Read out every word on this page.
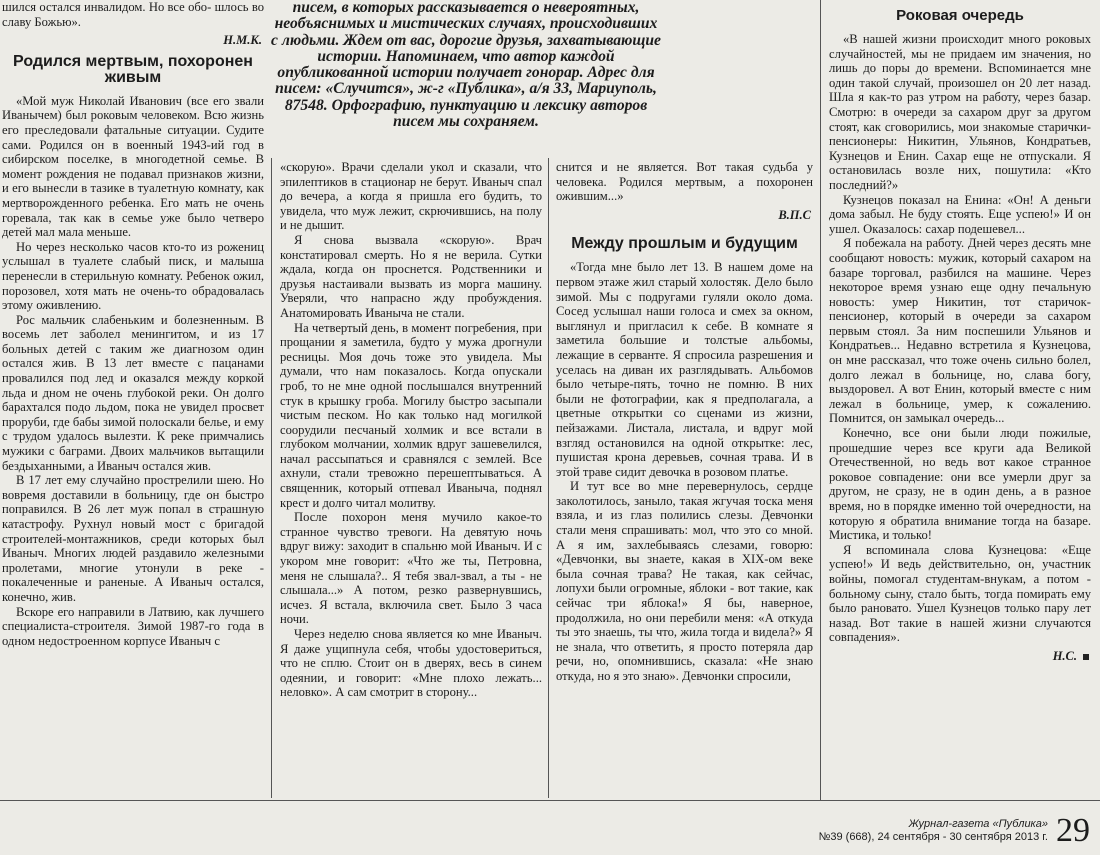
шился остался инвалидом. Но все обо- шлось во славу Божью».

Н.М.К.
Родился мертвым, похоронен живым

«Мой муж Николай Иванович (все его звали Иванычем) был роковым человеком. Всю жизнь его преследовали фатальные ситуации. Судите сами. Родился он в военный 1943-ий год в сибирском поселке, в многодетной семье. В момент рождения не подавал признаков жизни, и его вынесли в тазике в туалетную комнату, как мертворожденного ребенка. Его мать не очень горевала, так как в семье уже было четверо детей мал мала меньше.

Но через несколько часов кто-то из рожениц услышал в туалете слабый писк, и малыша перенесли в стерильную комнату. Ребенок ожил, порозовел, хотя мать не очень-то обрадовалась этому оживлению.

Рос мальчик слабеньким и болезненным. В восемь лет заболел менингитом, и из 17 больных детей с таким же диагнозом один остался жив. В 13 лет вместе с пацанами провалился под лед и оказался между коркой льда и дном не очень глубокой реки. Он долго барахтался подо льдом, пока не увидел просвет проруби, где бабы зимой полоскали белье, и ему с трудом удалось вылезти. К реке примчались мужики с баграми. Двоих мальчиков вытащили бездыханными, а Иваныч остался жив.

В 17 лет ему случайно прострелили шею. Но вовремя доставили в больницу, где он быстро поправился. В 26 лет муж попал в страшную катастрофу. Рухнул новый мост с бригадой строителей-монтажников, среди которых был Иваныч. Многих людей раздавило железными пролетами, многие утонули в реке - покалеченные и раненые. А Иваныч остался, конечно, жив.

Вскоре его направили в Латвию, как лучшего специалиста-строителя. Зимой 1987-го года в одном недостроенном корпусе Иваныч с

писем, в которых рассказывается о невероятных, необъяснимых и мистических случаях, происходивших с людьми. Ждем от вас, дорогие друзья, захватывающие истории. Напоминаем, что автор каждой опубликованной истории получает гонорар. Адрес для писем: «Случится», ж-г «Публика», а/я 33, Мариуполь, 87548. Орфографию, пунктуацию и лексику авторов писем мы сохраняем.

«скорую». Врачи сделали укол и сказали, что эпилептиков в стационар не берут. Иваныч спал до вечера, а когда я пришла его будить, то увидела, что муж лежит, скрючившись, на полу и не дышит.

Я снова вызвала «скорую». Врач констатировал смерть. Но я не верила. Сутки ждала, когда он проснется. Родственники и друзья настаивали вызвать из морга машину. Уверяли, что напрасно жду пробуждения. Анатомировать Иваныча не стали.

На четвертый день, в момент погребения, при прощании я заметила, будто у мужа дрогнули ресницы. Моя дочь тоже это увидела. Мы думали, что нам показалось. Когда опускали гроб, то не мне одной послышался внутренний стук в крышку гроба. Могилу быстро засыпали чистым песком. Но как только над могилкой соорудили песчаный холмик и все встали в глубоком молчании, холмик вдруг зашевелился, начал рассыпаться и сравнялся с землей. Все ахнули, стали тревожно перешептываться. А священник, который отпевал Иваныча, поднял крест и долго читал молитву.

После похорон меня мучило какое-то странное чувство тревоги. На девятую ночь вдруг вижу: заходит в спальню мой Иваныч. И с укором мне говорит: «Что же ты, Петровна, меня не слышала?.. Я тебя звал-звал, а ты - не слышала...» А потом, резко развернувшись, исчез. Я встала, включила свет. Было 3 часа ночи.

Через неделю снова является ко мне Иваныч. Я даже ущипнула себя, чтобы удостовериться, что не сплю. Стоит он в дверях, весь в синем одеянии, и говорит: «Мне плохо лежать... неловко». А сам смотрит в сторону...

снится и не является. Вот такая судьба у человека. Родился мертвым, а похоронен ожившим...»

В.П.С
Между прошлым и будущим

«Тогда мне было лет 13. В нашем доме на первом этаже жил старый холостяк. Дело было зимой. Мы с подругами гуляли около дома. Сосед услышал наши голоса и смех за окном, выглянул и пригласил к себе. В комнате я заметила большие и толстые альбомы, лежащие в серванте. Я спросила разрешения и уселась на диван их разглядывать. Альбомов было четыре-пять, точно не помню. В них были не фотографии, как я предполагала, а цветные открытки со сценами из жизни, пейзажами. Листала, листала, и вдруг мой взгляд остановился на одной открытке: лес, пушистая крона деревьев, сочная трава. И в этой траве сидит девочка в розовом платье.

И тут все во мне перевернулось, сердце заколотилось, заныло, такая жгучая тоска меня взяла, и из глаз полились слезы. Девчонки стали меня спрашивать: мол, что это со мной. А я им, захлебываясь слезами, говорю: «Девчонки, вы знаете, какая в XIX-ом веке была сочная трава? Не такая, как сейчас, лопухи были огромные, яблоки - вот такие, как сейчас три яблока!» Я бы, наверное, продолжила, но они перебили меня: «А откуда ты это знаешь, ты что, жила тогда и видела?» Я не знала, что ответить, я просто потеряла дар речи, но, опомнившись, сказала: «Не знаю откуда, но я это знаю». Девчонки спросили,

Роковая очередь

«В нашей жизни происходит много роковых случайностей, мы не придаем им значения, но лишь до поры до времени. Вспоминается мне один такой случай, произошел он 20 лет назад. Шла я как-то раз утром на работу, через базар. Смотрю: в очереди за сахаром друг за другом стоят, как сговорились, мои знакомые старички-пенсионеры: Никитин, Ульянов, Кондратьев, Кузнецов и Енин. Сахар еще не отпускали. Я остановилась возле них, пошутила: «Кто последний?»

Кузнецов показал на Енина: «Он! А деньги дома забыл. Не буду стоять. Еще успею!» И он ушел. Оказалось: сахар подешевел...

Я побежала на работу. Дней через десять мне сообщают новость: мужик, который сахаром на базаре торговал, разбился на машине. Через некоторое время узнаю еще одну печальную новость: умер Никитин, тот старичок-пенсионер, который в очереди за сахаром первым стоял. За ним поспешили Ульянов и Кондратьев... Недавно встретила я Кузнецова, он мне рассказал, что тоже очень сильно болел, долго лежал в больнице, но, слава богу, выздоровел. А вот Енин, который вместе с ним лежал в больнице, умер, к сожалению. Помнится, он замыкал очередь...

Конечно, все они были люди пожилые, прошедшие через все круги ада Великой Отечественной, но ведь вот какое странное роковое совпадение: они все умерли друг за другом, не сразу, не в один день, а в разное время, но в порядке именно той очередности, на которую я обратила внимание тогда на базаре. Мистика, и только!

Я вспоминала слова Кузнецова: «Еще успею!» И ведь действительно, он, участник войны, помогал студентам-внукам, а потом - больному сыну, стало быть, тогда помирать ему было рановато. Ушел Кузнецов только пару лет назад. Вот такие в нашей жизни случаются совпадения».

Н.С.
Журнал-газета «Публика»
№39 (668), 24 сентября - 30 сентября 2013 г. 29
